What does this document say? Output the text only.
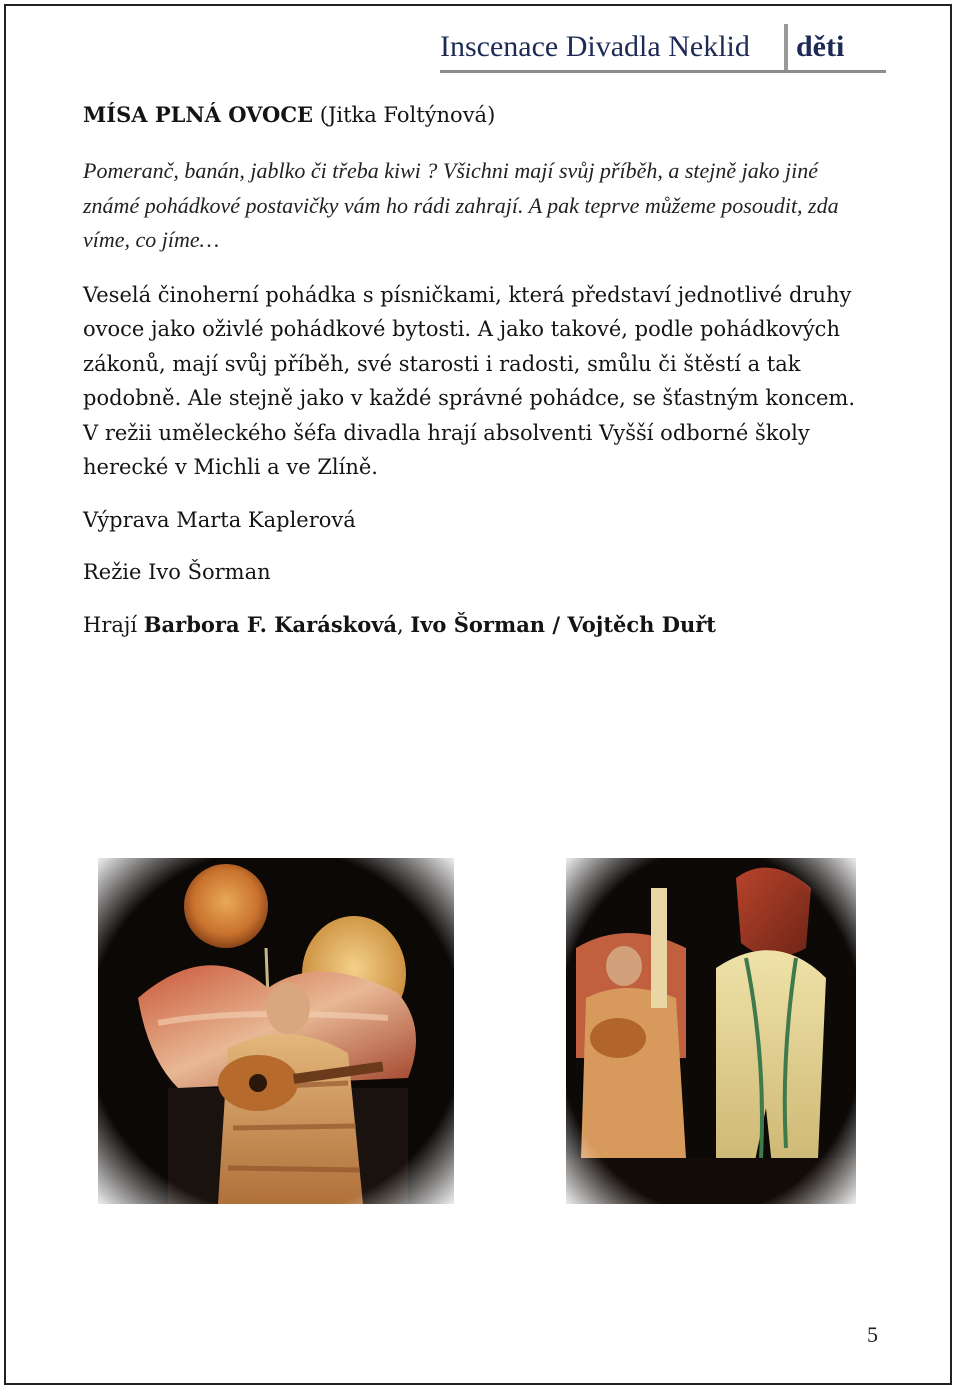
Inscenace Divadla Neklid děti

MÍSA PLNÁ OVOCE (Jitka Foltýnová)

Pomeranč, banán, jablko či třeba kiwi ? Všichni mají svůj příběh, a stejně jako jiné známé pohádkové postavičky vám ho rádi zahrají. A pak teprve můžeme posoudit, zda víme, co jíme…

Veselá činoherní pohádka s písničkami, která představí jednotlivé druhy ovoce jako oživlé pohádkové bytosti. A jako takové, podle pohádkových zákonů, mají svůj příběh, své starosti i radosti, smůlu či štěstí a tak podobně. Ale stejně jako v každé správné pohádce, se šťastným koncem. V režii uměleckého šéfa divadla hrají absolventi Vyšší odborné školy herecké v Michli a ve Zlíně.

Výprava Marta Kaplerová

Režie Ivo Šorman

Hrají Barbora F. Karásková, Ivo Šorman / Vojtěch Duřt

5
